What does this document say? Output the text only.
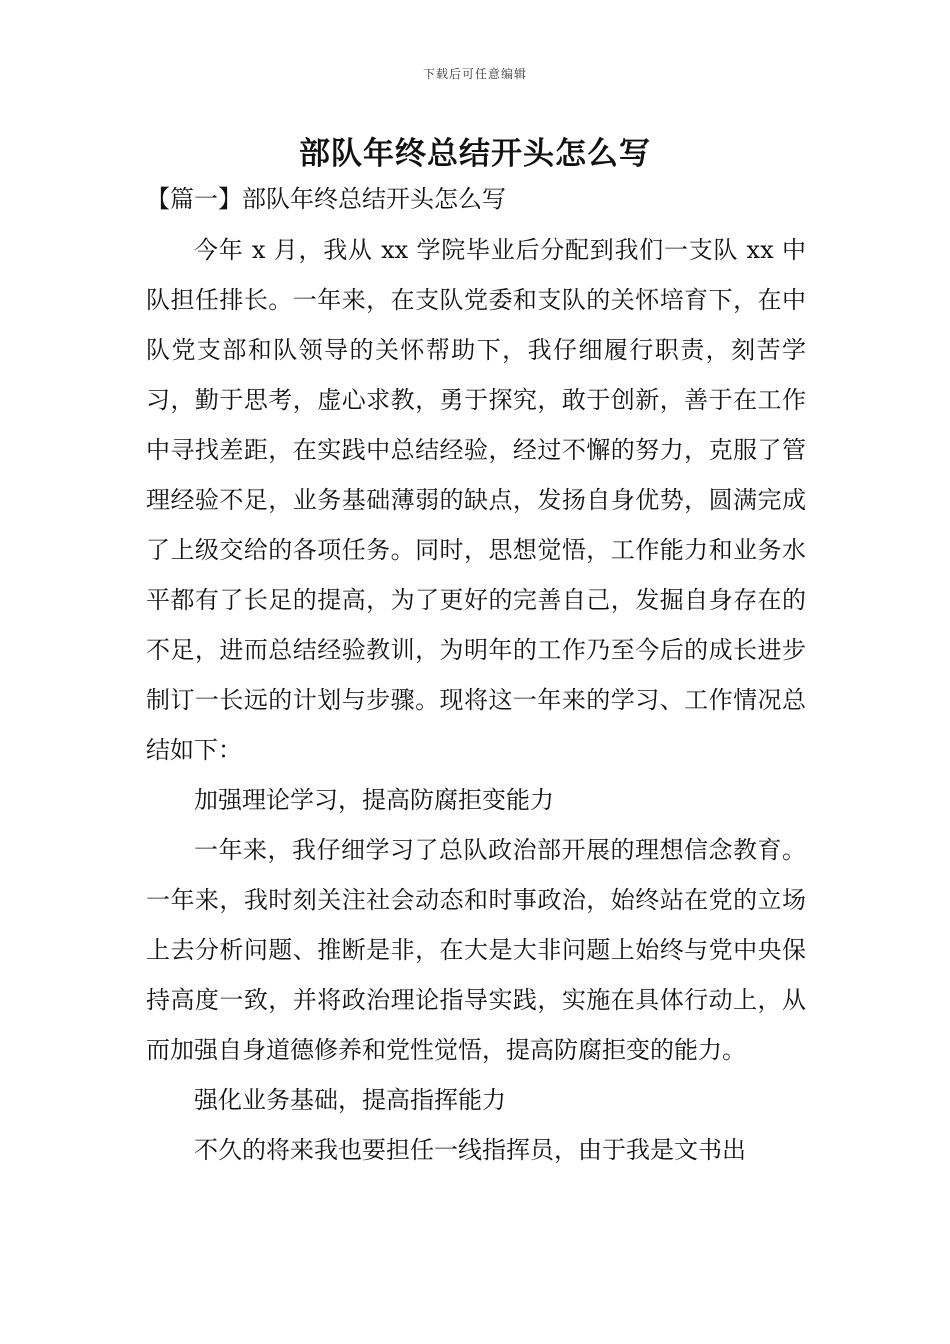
下载后可任意编辑
部队年终总结开头怎么写
【篇一】部队年终总结开头怎么写

今年 x 月，我从 xx 学院毕业后分配到我们一支队 xx 中队担任排长。一年来，在支队党委和支队的关怀培育下，在中队党支部和队领导的关怀帮助下，我仔细履行职责，刻苦学习，勤于思考，虚心求教，勇于探究，敢于创新，善于在工作中寻找差距，在实践中总结经验，经过不懈的努力，克服了管理经验不足，业务基础薄弱的缺点，发扬自身优势，圆满完成了上级交给的各项任务。同时，思想觉悟，工作能力和业务水平都有了长足的提高，为了更好的完善自己，发掘自身存在的不足，进而总结经验教训，为明年的工作乃至今后的成长进步制订一长远的计划与步骤。现将这一年来的学习、工作情况总结如下：

加强理论学习，提高防腐拒变能力

一年来，我仔细学习了总队政治部开展的理想信念教育。一年来，我时刻关注社会动态和时事政治，始终站在党的立场上去分析问题、推断是非，在大是大非问题上始终与党中央保持高度一致，并将政治理论指导实践，实施在具体行动上，从而加强自身道德修养和党性觉悟，提高防腐拒变的能力。

强化业务基础，提高指挥能力

不久的将来我也要担任一线指挥员，由于我是文书出
